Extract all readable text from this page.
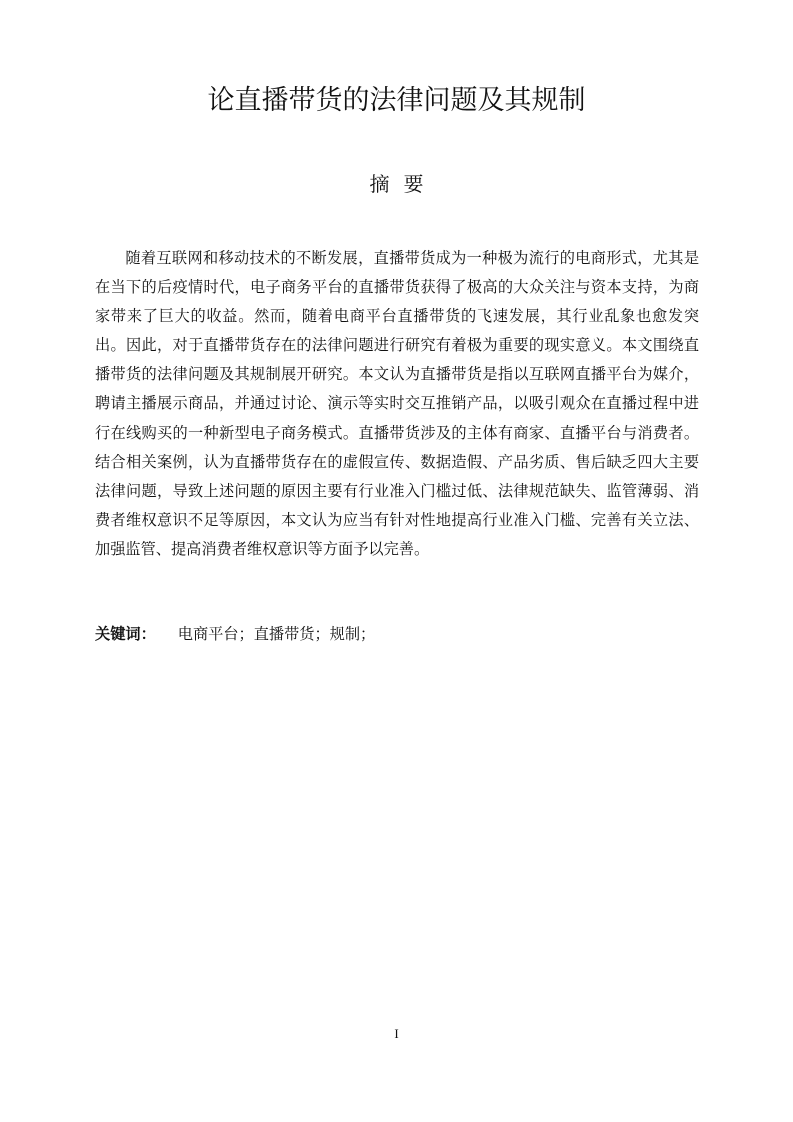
论直播带货的法律问题及其规制
摘要

随着互联网和移动技术的不断发展，直播带货成为一种极为流行的电商形式，尤其是在当下的后疫情时代，电子商务平台的直播带货获得了极高的大众关注与资本支持，为商家带来了巨大的收益。然而，随着电商平台直播带货的飞速发展，其行业乱象也愈发突出。因此，对于直播带货存在的法律问题进行研究有着极为重要的现实意义。本文围绕直播带货的法律问题及其规制展开研究。本文认为直播带货是指以互联网直播平台为媒介，聘请主播展示商品，并通过讨论、演示等实时交互推销产品，以吸引观众在直播过程中进行在线购买的一种新型电子商务模式。直播带货涉及的主体有商家、直播平台与消费者。结合相关案例，认为直播带货存在的虚假宣传、数据造假、产品劣质、售后缺乏四大主要法律问题，导致上述问题的原因主要有行业准入门槛过低、法律规范缺失、监管薄弱、消费者维权意识不足等原因，本文认为应当有针对性地提高行业准入门槛、完善有关立法、加强监管、提高消费者维权意识等方面予以完善。

关键词： 电商平台；直播带货；规制；
I
